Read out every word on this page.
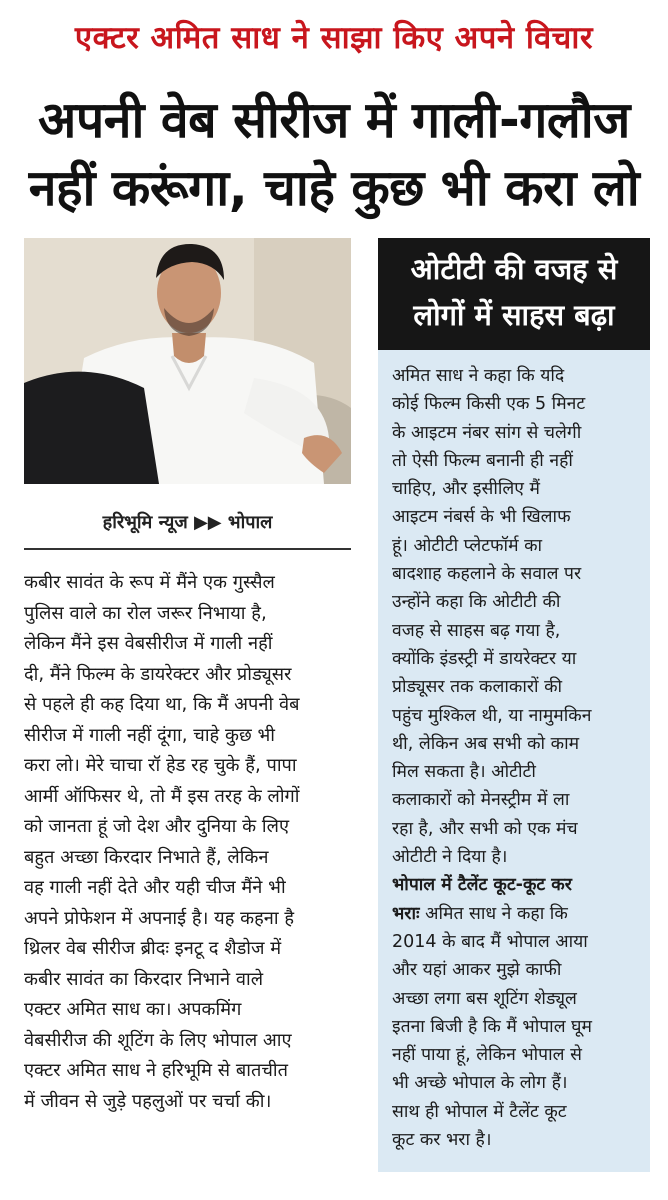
एक्टर अमित साध ने साझा किए अपने विचार
अपनी वेब सीरीज में गाली-गलौज
नहीं करूंगा, चाहे कुछ भी करा लो
हरिभूमि न्यूज ▶▶ भोपाल
कबीर सावंत के रूप में मैंने एक गुस्सैल
पुलिस वाले का रोल जरूर निभाया है,
लेकिन मैंने इस वेबसीरीज में गाली नहीं
दी, मैंने फिल्म के डायरेक्टर और प्रोड्यूसर
से पहले ही कह दिया था, कि मैं अपनी वेब
सीरीज में गाली नहीं दूंगा, चाहे कुछ भी
करा लो। मेरे चाचा रॉ हेड रह चुके हैं, पापा
आर्मी ऑफिसर थे, तो मैं इस तरह के लोगों
को जानता हूं जो देश और दुनिया के लिए
बहुत अच्छा किरदार निभाते हैं, लेकिन
वह गाली नहीं देते और यही चीज मैंने भी
अपने प्रोफेशन में अपनाई है। यह कहना है
थ्रिलर वेब सीरीज ब्रीदः इनटू द शैडोज में
कबीर सावंत का किरदार निभाने वाले
एक्टर अमित साध का। अपकमिंग
वेबसीरीज की शूटिंग के लिए भोपाल आए
एक्टर अमित साध ने हरिभूमि से बातचीत
में जीवन से जुड़े पहलुओं पर चर्चा की।
ओटीटी की वजह से
लोगों में साहस बढ़ा
अमित साध ने कहा कि यदि
कोई फिल्म किसी एक 5 मिनट
के आइटम नंबर सांग से चलेगी
तो ऐसी फिल्म बनानी ही नहीं
चाहिए, और इसीलिए मैं
आइटम नंबर्स के भी खिलाफ
हूं। ओटीटी प्लेटफॉर्म का
बादशाह कहलाने के सवाल पर
उन्होंने कहा कि ओटीटी की
वजह से साहस बढ़ गया है,
क्योंकि इंडस्ट्री में डायरेक्टर या
प्रोड्यूसर तक कलाकारों की
पहुंच मुश्किल थी, या नामुमकिन
थी, लेकिन अब सभी को काम
मिल सकता है। ओटीटी
कलाकारों को मेनस्ट्रीम में ला
रहा है, और सभी को एक मंच
ओटीटी ने दिया है।
भोपाल में टैलेंट कूट-कूट कर
भराः अमित साध ने कहा कि
2014 के बाद मैं भोपाल आया
और यहां आकर मुझे काफी
अच्छा लगा बस शूटिंग शेड्यूल
इतना बिजी है कि मैं भोपाल घूम
नहीं पाया हूं, लेकिन भोपाल से
भी अच्छे भोपाल के लोग हैं।
साथ ही भोपाल में टैलेंट कूट
कूट कर भरा है।
